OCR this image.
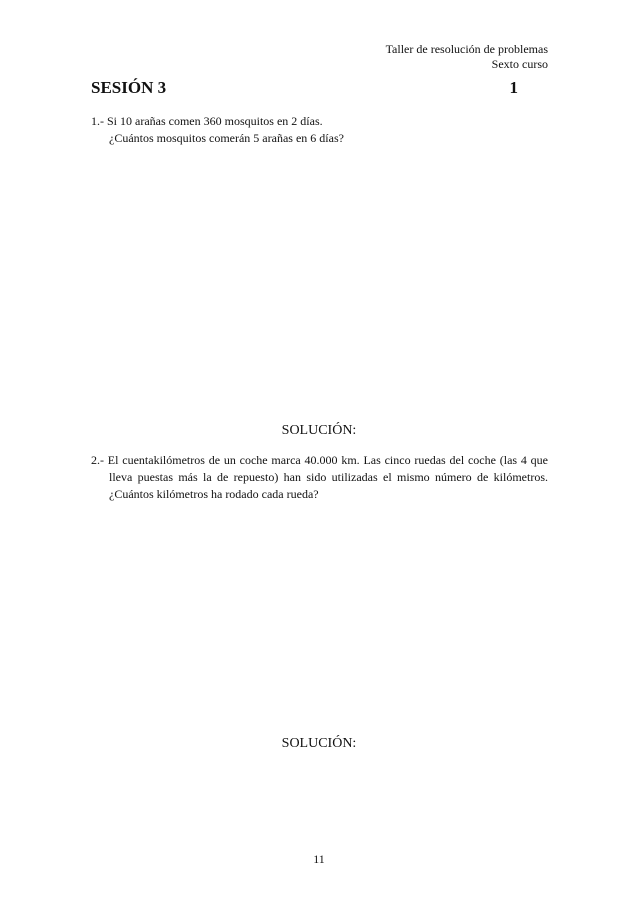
Taller de resolución de problemas
Sexto curso
SESIÓN 3	1
1.- Si 10 arañas comen 360 mosquitos en 2 días.
¿Cuántos mosquitos comerán 5 arañas en 6 días?
SOLUCIÓN:
2.- El cuentakilómetros de un coche marca 40.000 km. Las cinco ruedas del coche (las 4 que lleva puestas más la de repuesto) han sido utilizadas el mismo número de kilómetros. ¿Cuántos kilómetros ha rodado cada rueda?
SOLUCIÓN:
11
